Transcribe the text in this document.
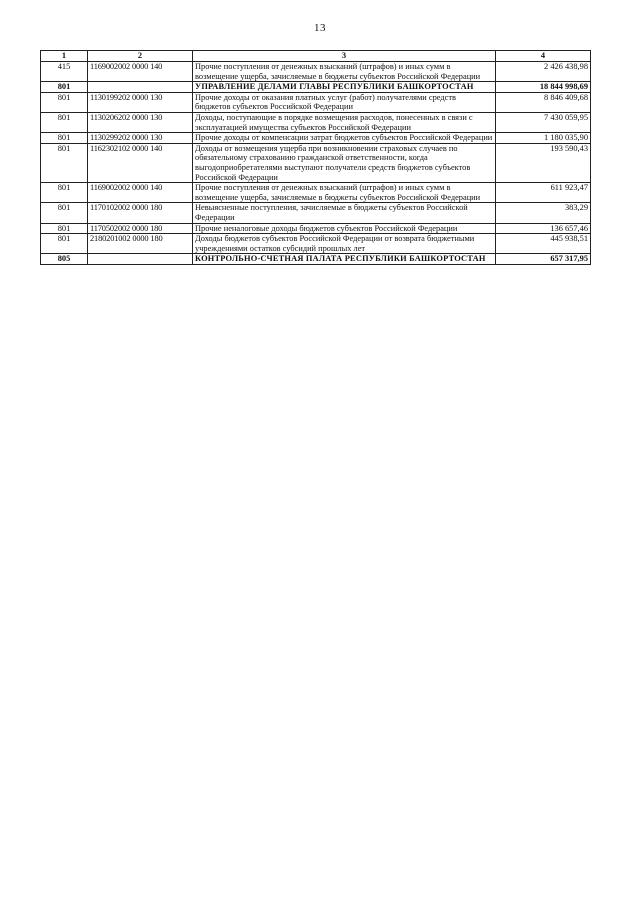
13
1	2	3	4
415	1169002002 0000 140	Прочие поступления от денежных взысканий (штрафов) и иных сумм в возмещение ущерба, зачисляемые в бюджеты субъектов Российской Федерации	2 426 438,98
801		УПРАВЛЕНИЕ ДЕЛАМИ ГЛАВЫ РЕСПУБЛИКИ БАШКОРТОСТАН	18 844 998,69
801	1130199202 0000 130	Прочие доходы от оказания платных услуг (работ) получателями средств бюджетов субъектов Российской Федерации	8 846 409,68
801	1130206202 0000 130	Доходы, поступающие в порядке возмещения расходов, понесенных в связи с эксплуатацией имущества субъектов Российской Федерации	7 430 059,95
801	1130299202 0000 130	Прочие доходы от компенсации затрат бюджетов субъектов Российской Федерации	1 180 035,90
801	1162302102 0000 140	Доходы от возмещения ущерба при возникновении страховых случаев по обязательному страхованию гражданской ответственности, когда выгодоприобретателями выступают получатели средств бюджетов субъектов Российской Федерации	193 590,43
801	1169002002 0000 140	Прочие поступления от денежных взысканий (штрафов) и иных сумм в возмещение ущерба, зачисляемые в бюджеты субъектов Российской Федерации	611 923,47
801	1170102002 0000 180	Невыясненные поступления, зачисляемые в бюджеты субъектов Российской Федерации	383,29
801	1170502002 0000 180	Прочие неналоговые доходы бюджетов субъектов Российской Федерации	136 657,46
801	2180201002 0000 180	Доходы бюджетов субъектов Российской Федерации от возврата бюджетными учреждениями остатков субсидий прошлых лет	445 938,51
805		КОНТРОЛЬНО-СЧЕТНАЯ ПАЛАТА РЕСПУБЛИКИ БАШКОРТОСТАН	657 317,95
